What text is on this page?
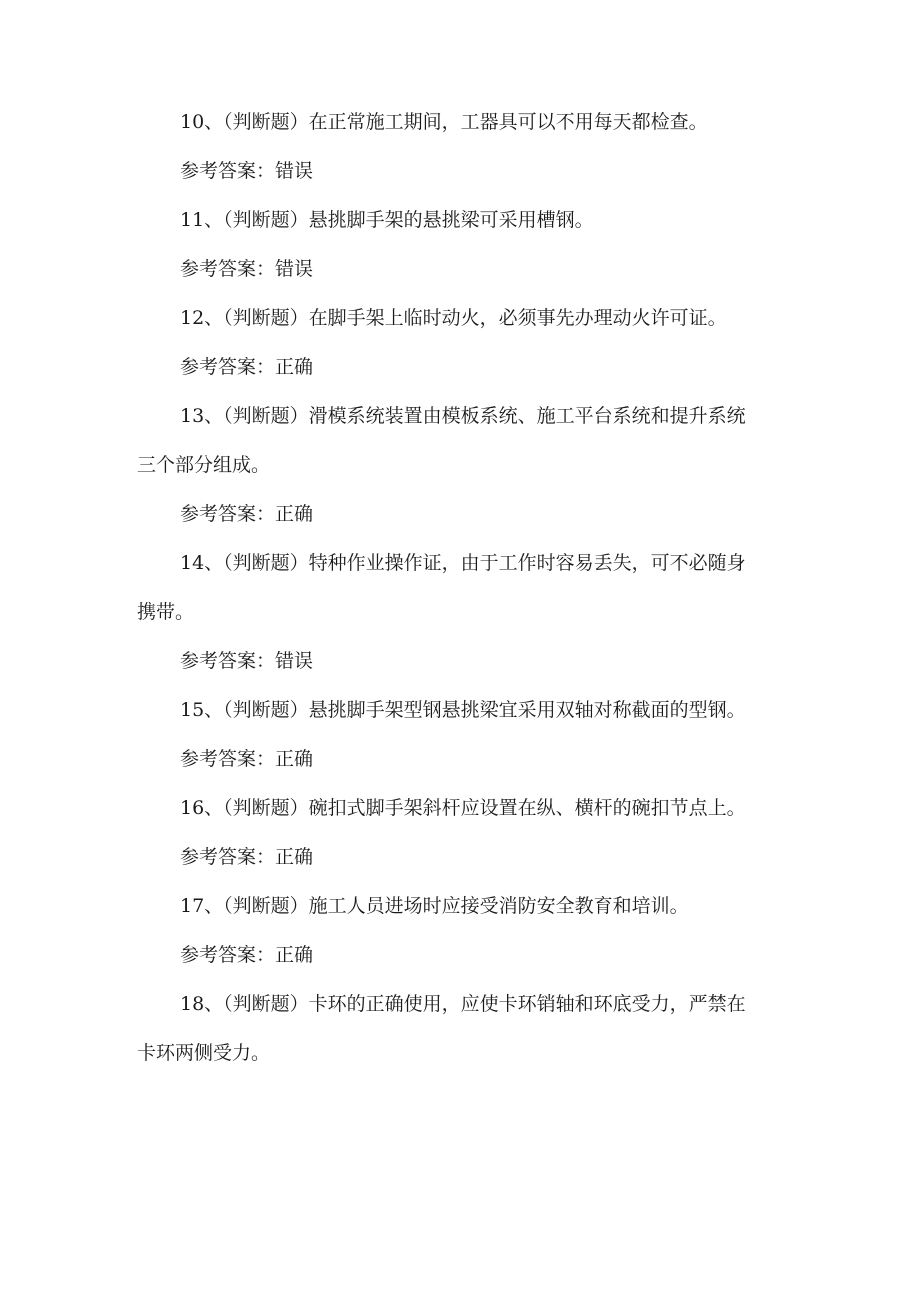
10、（判断题）在正常施工期间，工器具可以不用每天都检查。
参考答案：错误
11、（判断题）悬挑脚手架的悬挑梁可采用槽钢。
参考答案：错误
12、（判断题）在脚手架上临时动火，必须事先办理动火许可证。
参考答案：正确
13、（判断题）滑模系统装置由模板系统、施工平台系统和提升系统
三个部分组成。
参考答案：正确
14、（判断题）特种作业操作证，由于工作时容易丢失，可不必随身
携带。
参考答案：错误
15、（判断题）悬挑脚手架型钢悬挑梁宜采用双轴对称截面的型钢。
参考答案：正确
16、（判断题）碗扣式脚手架斜杆应设置在纵、横杆的碗扣节点上。
参考答案：正确
17、（判断题）施工人员进场时应接受消防安全教育和培训。
参考答案：正确
18、（判断题）卡环的正确使用，应使卡环销轴和环底受力，严禁在
卡环两侧受力。
